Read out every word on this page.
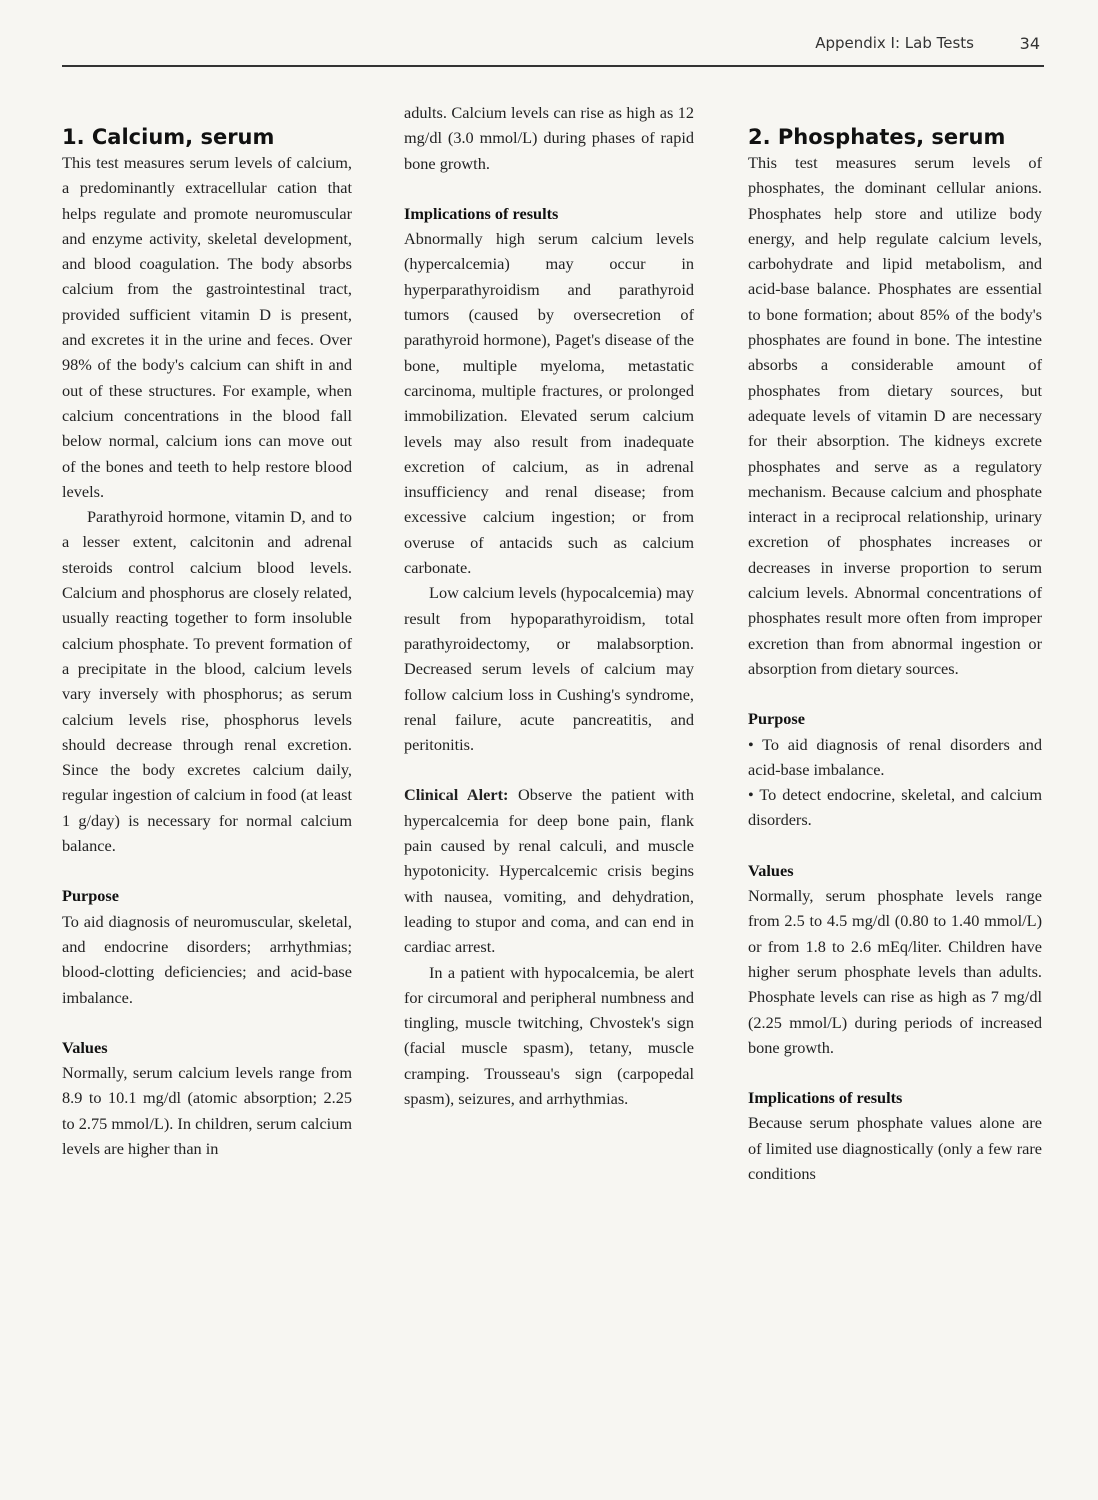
Appendix I: Lab Tests	34
1. Calcium, serum

This test measures serum levels of calcium, a predominantly extracellular cation that helps regulate and promote neuromuscular and enzyme activity, skeletal development, and blood coagulation. The body absorbs calcium from the gastrointestinal tract, provided sufficient vitamin D is present, and excretes it in the urine and feces. Over 98% of the body's calcium can shift in and out of these structures. For example, when calcium concentrations in the blood fall below normal, calcium ions can move out of the bones and teeth to help restore blood levels.

Parathyroid hormone, vitamin D, and to a lesser extent, calcitonin and adrenal steroids control calcium blood levels. Calcium and phosphorus are closely related, usually reacting together to form insoluble calcium phosphate. To prevent formation of a precipitate in the blood, calcium levels vary inversely with phosphorus; as serum calcium levels rise, phosphorus levels should decrease through renal excretion. Since the body excretes calcium daily, regular ingestion of calcium in food (at least 1 g/day) is necessary for normal calcium balance.

Purpose

To aid diagnosis of neuromuscular, skeletal, and endocrine disorders; arrhythmias; blood-clotting deficiencies; and acid-base imbalance.

Values

Normally, serum calcium levels range from 8.9 to 10.1 mg/dl (atomic absorption; 2.25 to 2.75 mmol/L). In children, serum calcium levels are higher than in

adults. Calcium levels can rise as high as 12 mg/dl (3.0 mmol/L) during phases of rapid bone growth.

Implications of results

Abnormally high serum calcium levels (hypercalcemia) may occur in hyperparathyroidism and parathyroid tumors (caused by oversecretion of parathyroid hormone), Paget's disease of the bone, multiple myeloma, metastatic carcinoma, multiple fractures, or prolonged immobilization. Elevated serum calcium levels may also result from inadequate excretion of calcium, as in adrenal insufficiency and renal disease; from excessive calcium ingestion; or from overuse of antacids such as calcium carbonate.

Low calcium levels (hypocalcemia) may result from hypoparathyroidism, total parathyroidectomy, or malabsorption. Decreased serum levels of calcium may follow calcium loss in Cushing's syndrome, renal failure, acute pancreatitis, and peritonitis.

Clinical Alert: Observe the patient with hypercalcemia for deep bone pain, flank pain caused by renal calculi, and muscle hypotonicity. Hypercalcemic crisis begins with nausea, vomiting, and dehydration, leading to stupor and coma, and can end in cardiac arrest.

In a patient with hypocalcemia, be alert for circumoral and peripheral numbness and tingling, muscle twitching, Chvostek's sign (facial muscle spasm), tetany, muscle cramping. Trousseau's sign (carpopedal spasm), seizures, and arrhythmias.

2. Phosphates, serum

This test measures serum levels of phosphates, the dominant cellular anions. Phosphates help store and utilize body energy, and help regulate calcium levels, carbohydrate and lipid metabolism, and acid-base balance. Phosphates are essential to bone formation; about 85% of the body's phosphates are found in bone. The intestine absorbs a considerable amount of phosphates from dietary sources, but adequate levels of vitamin D are necessary for their absorption. The kidneys excrete phosphates and serve as a regulatory mechanism. Because calcium and phosphate interact in a reciprocal relationship, urinary excretion of phosphates increases or decreases in inverse proportion to serum calcium levels. Abnormal concentrations of phosphates result more often from improper excretion than from abnormal ingestion or absorption from dietary sources.

Purpose

• To aid diagnosis of renal disorders and acid-base imbalance.

• To detect endocrine, skeletal, and calcium disorders.

Values

Normally, serum phosphate levels range from 2.5 to 4.5 mg/dl (0.80 to 1.40 mmol/L) or from 1.8 to 2.6 mEq/liter. Children have higher serum phosphate levels than adults. Phosphate levels can rise as high as 7 mg/dl (2.25 mmol/L) during periods of increased bone growth.

Implications of results

Because serum phosphate values alone are of limited use diagnostically (only a few rare conditions
